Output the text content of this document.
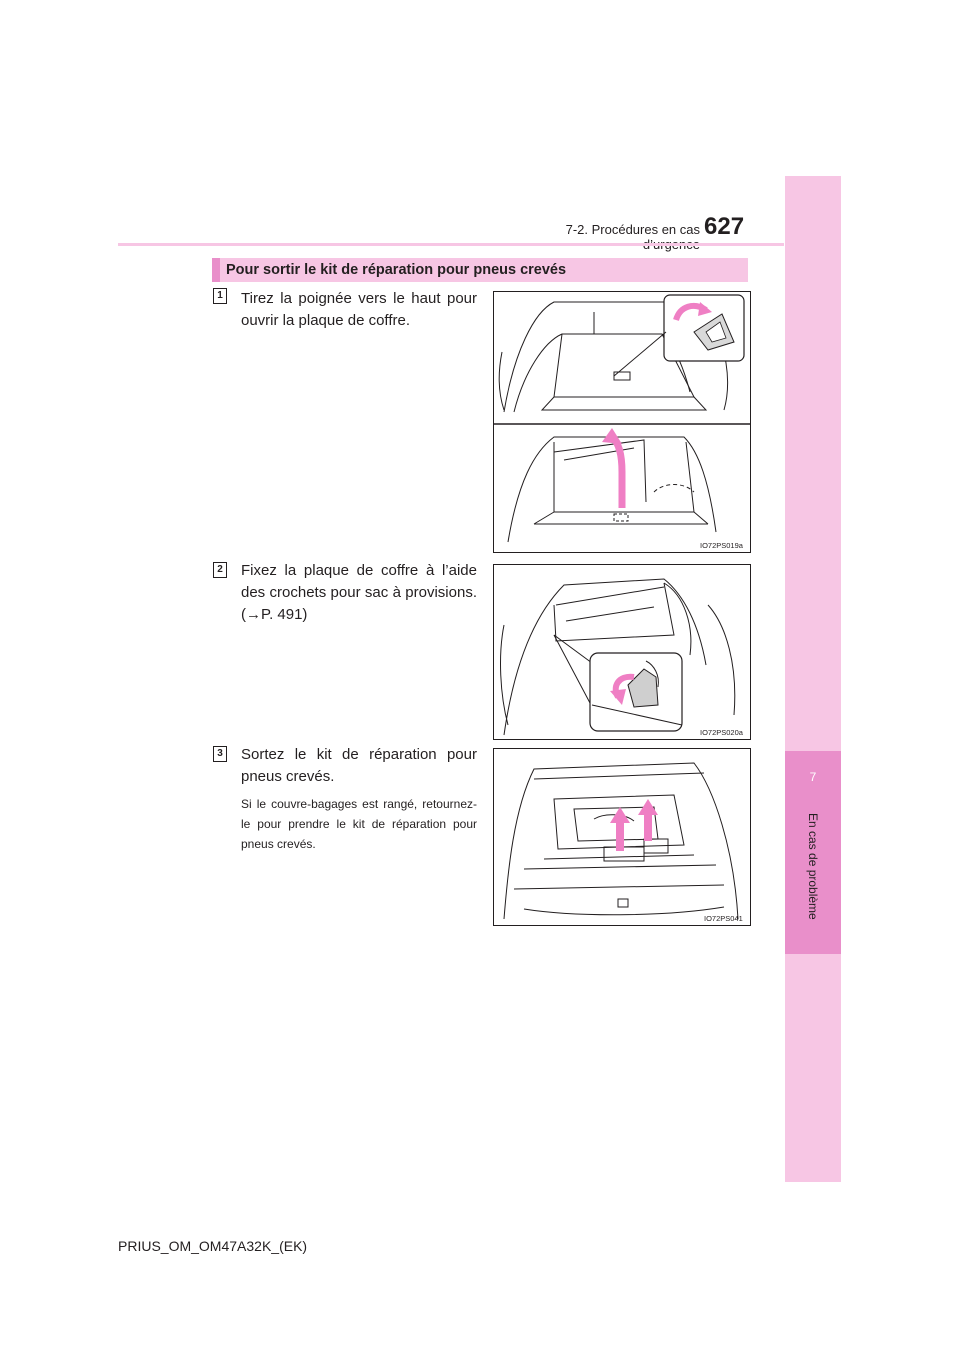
7
En cas de problème
7-2. Procédures en cas 627
Pour sortir le kit de réparation pour pneus crevés
1 Tirez la poignée vers le haut pour ouvrir la plaque de coffre.
IO72PS019a
2 Fixez la plaque de coffre à l’aide des crochets pour sac à provisions. (→P. 491)
IO72PS020a
3 Sortez le kit de réparation pour pneus crevés.
Si le couvre-bagages est rangé, retournez-le pour prendre le kit de réparation pour pneus crevés.
IO72PS041
PRIUS_OM_OM47A32K_(EK)
